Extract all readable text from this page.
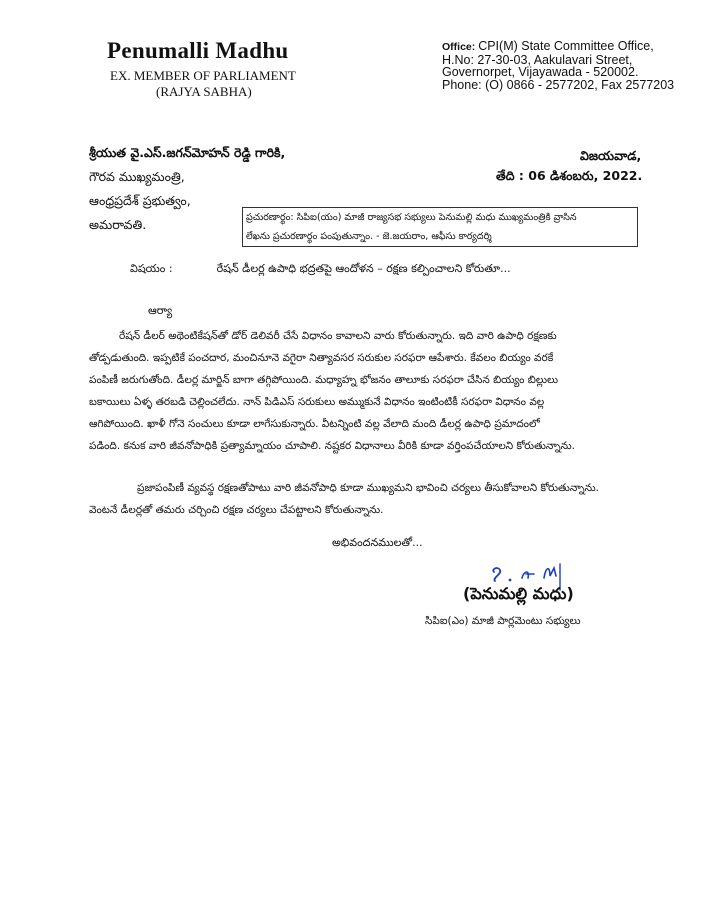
Penumalli Madhu
EX. MEMBER OF PARLIAMENT
(RAJYA SABHA)
Office: CPI(M) State Committee Office,
H.No: 27-30-03, Aakulavari Street,
Governorpet, Vijayawada - 520002.
Phone: (O) 0866 - 2577202, Fax 2577203
శ్రీయుత వై.ఎస్.జగన్‌మోహన్ రెడ్డి గారికి,
గౌరవ ముఖ్యమంత్రి,
ఆంధ్రప్రదేశ్ ప్రభుత్వం,
అమరావతి.
విజయవాడ,
తేది : 06 డిశంబరు, 2022.
ప్రచురణార్థం: సిపిఐ(యం) మాజీ రాజ్యసభ సభ్యులు పెనుమల్లి మధు ముఖ్యమంత్రికి వ్రాసిన
లేఖను ప్రచురణార్థం పంపుతున్నాం. - జె.జయరాం, ఆఫీసు కార్యదర్శి
విషయం :	రేషన్ డీలర్ల ఉపాధి భద్రతపై ఆందోళన – రక్షణ కల్పించాలని కోరుతూ...
ఆర్యా
రేషన్ డీలర్ అథెంటికేషన్‌తో డోర్ డెలివరీ చేసే విధానం కావాలని వారు కోరుతున్నారు. ఇది వారి ఉపాధి రక్షణకు
తోడ్పడుతుంది. ఇప్పటికే పంచదార, మంచినూనె వగైరా నిత్యావసర సరుకుల సరఫరా ఆపేశారు. కేవలం బియ్యం వరకే
పంపిణీ జరుగుతోంది. డీలర్ల మార్జిన్ బాగా తగ్గిపోయింది. మధ్యాహ్న భోజనం తాలూకు సరఫరా చేసిన బియ్యం బిల్లులు
బకాయిలు ఏళ్ళ తరబడి చెల్లించలేదు. నాన్ పిడిఎస్ సరుకులు అమ్ముకునే విధానం ఇంటింటికీ సరఫరా విధానం వల్ల
ఆగిపోయింది. ఖాళీ గోనె సంచులు కూడా లాగేసుకున్నారు. వీటన్నింటి వల్ల వేలాది మంది డీలర్ల ఉపాధి ప్రమాదంలో
పడింది. కనుక వారి జీవనోపాధికి ప్రత్యామ్నాయం చూపాలి. నష్టకర విధానాలు వీరికి కూడా వర్తింపచేయాలని కోరుతున్నాను.
ప్రజాపంపిణీ వ్యవస్థ రక్షణతోపాటు వారి జీవనోపాధి కూడా ముఖ్యమని భావించి చర్యలు తీసుకోవాలని కోరుతున్నాను.
వెంటనే డీలర్లతో తమరు చర్చించి రక్షణ చర్యలు చేపట్టాలని కోరుతున్నాను.
అభివందనములతో...
(పెనుమల్లి మధు)
సిపిఐ(ఎం) మాజీ పార్లమెంటు సభ్యులు
